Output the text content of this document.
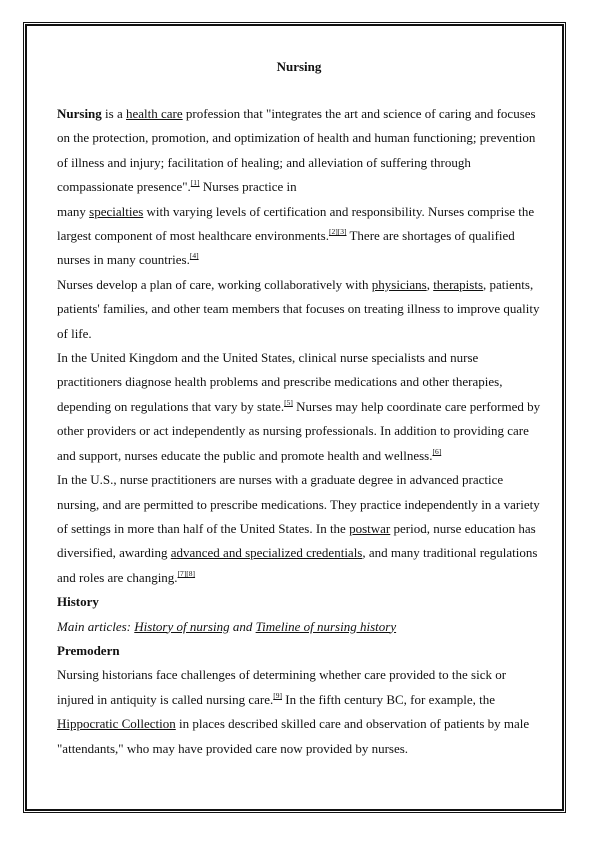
Nursing

Nursing is a health care profession that "integrates the art and science of caring and focuses on the protection, promotion, and optimization of health and human functioning; prevention of illness and injury; facilitation of healing; and alleviation of suffering through compassionate presence".[1] Nurses practice in
many specialties with varying levels of certification and responsibility. Nurses comprise the largest component of most healthcare environments.[2][3] There are shortages of qualified nurses in many countries.[4]

Nurses develop a plan of care, working collaboratively with physicians, therapists, patients, patients' families, and other team members that focuses on treating illness to improve quality of life.

In the United Kingdom and the United States, clinical nurse specialists and nurse practitioners diagnose health problems and prescribe medications and other therapies, depending on regulations that vary by state.[5] Nurses may help coordinate care performed by other providers or act independently as nursing professionals. In addition to providing care and support, nurses educate the public and promote health and wellness.[6]

In the U.S., nurse practitioners are nurses with a graduate degree in advanced practice nursing, and are permitted to prescribe medications. They practice independently in a variety of settings in more than half of the United States. In the postwar period, nurse education has diversified, awarding advanced and specialized credentials, and many traditional regulations and roles are changing.[7][8]

History
Main articles: History of nursing and Timeline of nursing history
Premodern

Nursing historians face challenges of determining whether care provided to the sick or injured in antiquity is called nursing care.[9] In the fifth century BC, for example, the Hippocratic Collection in places described skilled care and observation of patients by male "attendants," who may have provided care now provided by nurses.
